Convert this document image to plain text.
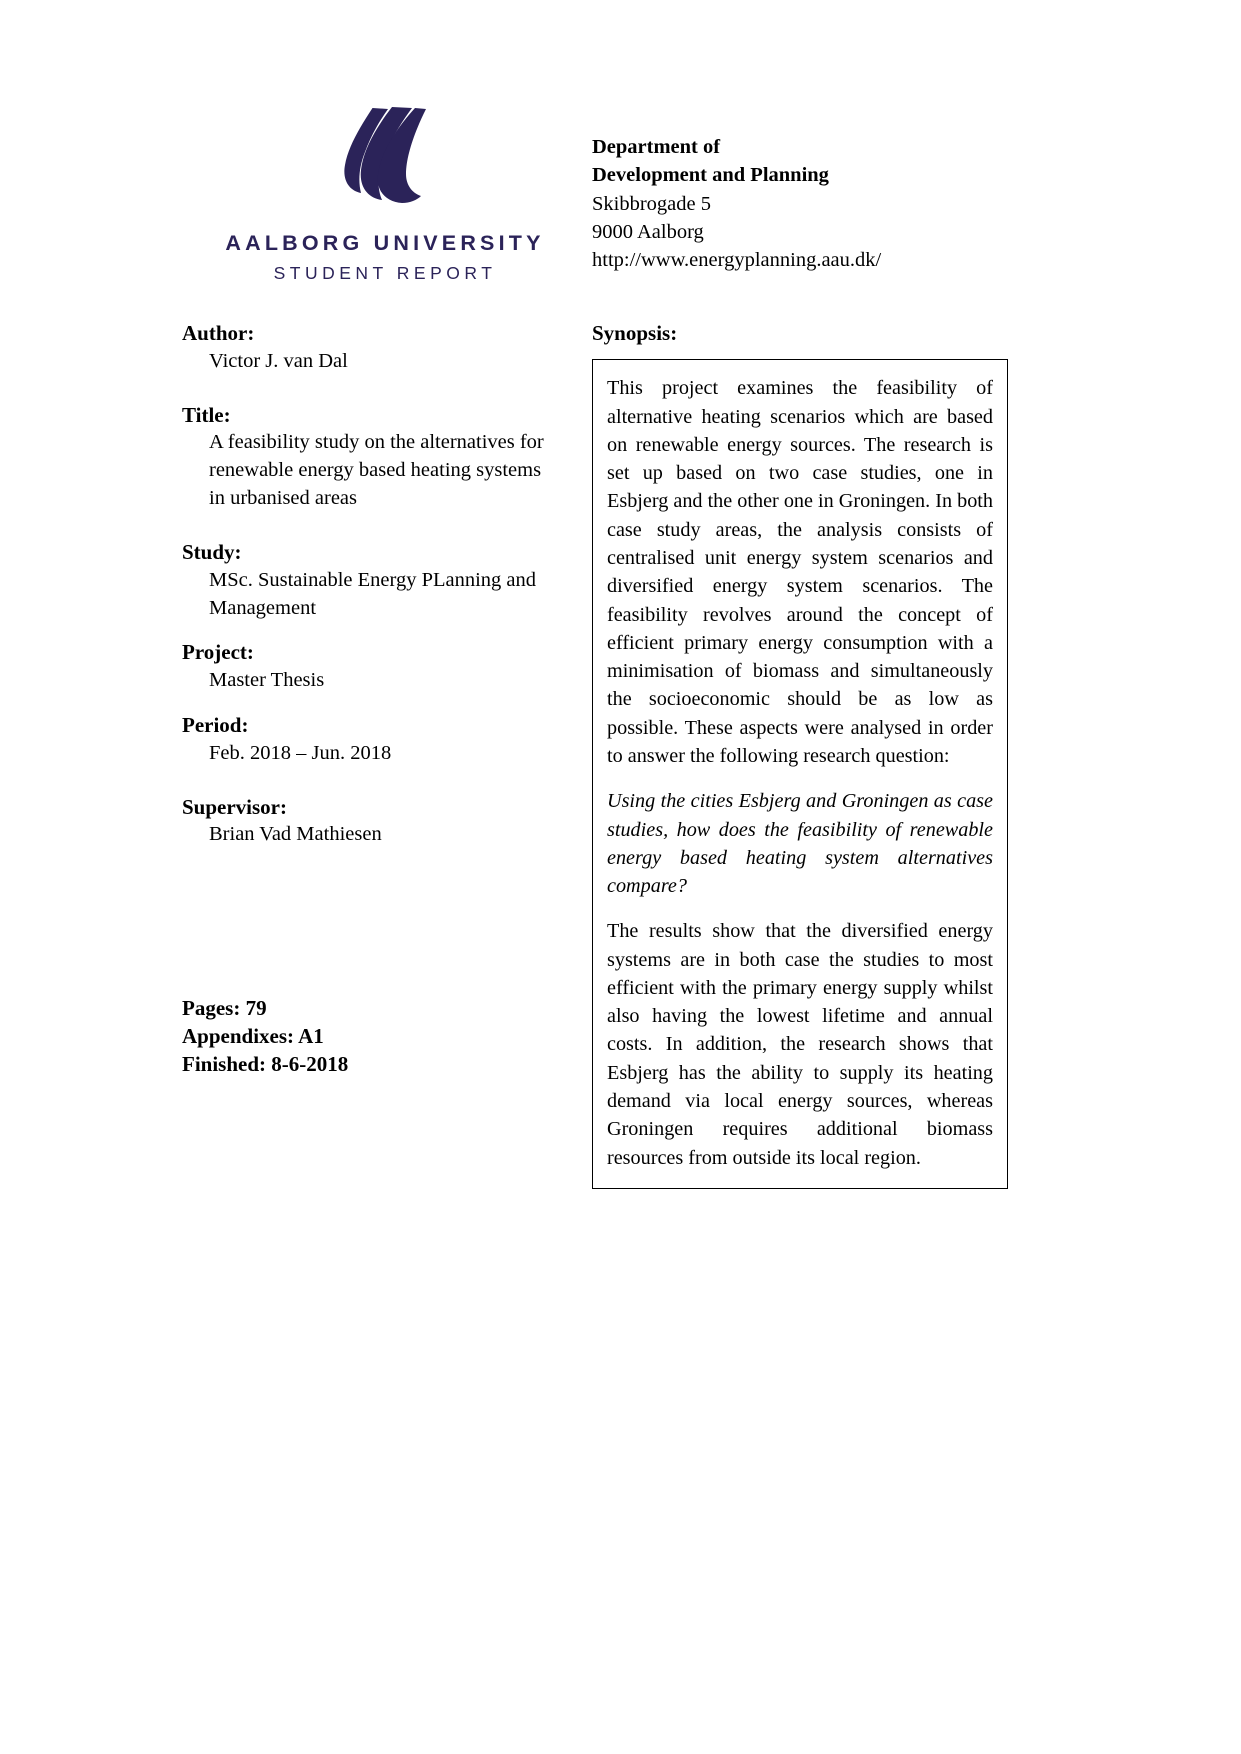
AALBORG UNIVERSITY
STUDENT REPORT
Department of
Development and Planning
Skibbrogade 5
9000 Aalborg
http://www.energyplanning.aau.dk/
Author:
Victor J. van Dal
Title:
A feasibility study on the alternatives for renewable energy based heating systems in urbanised areas
Study:
MSc. Sustainable Energy PLanning and Management
Project:
Master Thesis
Period:
Feb. 2018 – Jun. 2018
Supervisor:
Brian Vad Mathiesen
Pages: 79
Appendixes: A1
Finished: 8-6-2018
Synopsis:

This project examines the feasibility of alternative heating scenarios which are based on renewable energy sources. The research is set up based on two case studies, one in Esbjerg and the other one in Groningen. In both case study areas, the analysis consists of centralised unit energy system scenarios and diversified energy system scenarios. The feasibility revolves around the concept of efficient primary energy consumption with a minimisation of biomass and simultaneously the socioeconomic should be as low as possible. These aspects were analysed in order to answer the following research question:

Using the cities Esbjerg and Groningen as case studies, how does the feasibility of renewable energy based heating system alternatives compare?

The results show that the diversified energy systems are in both case the studies to most efficient with the primary energy supply whilst also having the lowest lifetime and annual costs. In addition, the research shows that Esbjerg has the ability to supply its heating demand via local energy sources, whereas Groningen requires additional biomass resources from outside its local region.
